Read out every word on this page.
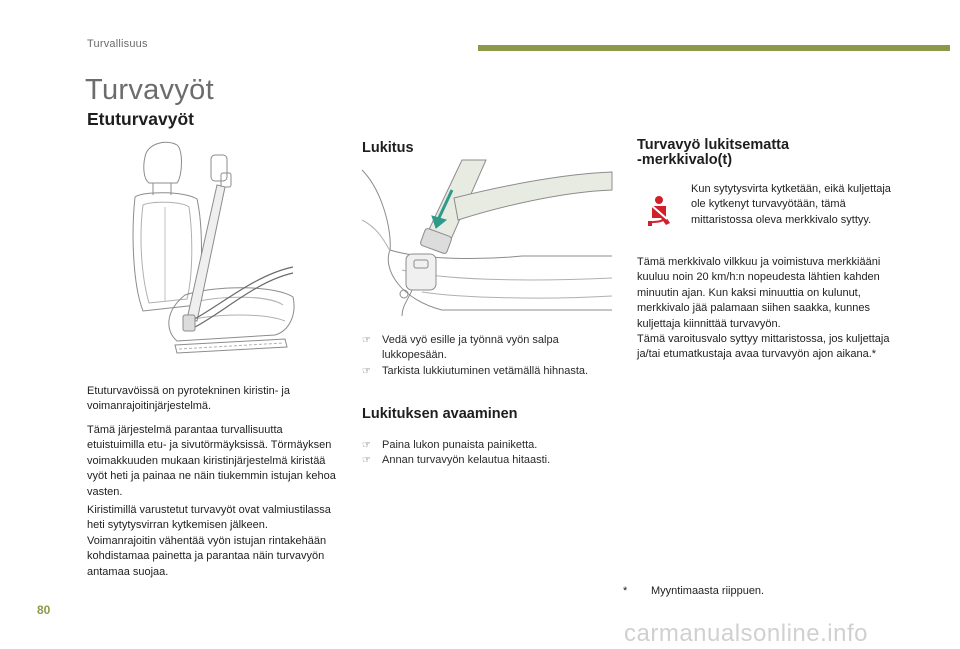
Turvallisuus
Turvavyöt
Etuturvavyöt

Etuturvavöissä on pyrotekninen kiristin- ja voimanrajoitinjärjestelmä.

Tämä järjestelmä parantaa turvallisuutta etuistuimilla etu- ja sivutörmäyksissä. Törmäyksen voimakkuuden mukaan kiristinjärjestelmä kiristää vyöt heti ja painaa ne näin tiukemmin istujan kehoa vasten.

Kiristimillä varustetut turvavyöt ovat valmiustilassa heti sytytysvirran kytkemisen jälkeen.

Voimanrajoitin vähentää vyön istujan rintakehään kohdistamaa painetta ja parantaa näin turvavyön antamaa suojaa.

Lukitus
☞ Vedä vyö esille ja työnnä vyön salpa lukkopesään.
☞ Tarkista lukkiutuminen vetämällä hihnasta.
Lukituksen avaaminen
☞ Paina lukon punaista painiketta.
☞ Annan turvavyön kelautua hitaasti.
Turvavyö lukitsematta
-merkkivalo(t)

Kun sytytysvirta kytketään, eikä kuljettaja ole kytkenyt turvavyötään, tämä mittaristossa oleva merkkivalo syttyy.

Tämä merkkivalo vilkkuu ja voimistuva merkkiääni kuuluu noin 20 km/h:n nopeudesta lähtien kahden minuutin ajan. Kun kaksi minuuttia on kulunut, merkkivalo jää palamaan siihen saakka, kunnes kuljettaja kiinnittää turvavyön.

Tämä varoitusvalo syttyy mittaristossa, jos kuljettaja ja/tai etumatkustaja avaa turvavyön ajon aikana.*

* Myyntimaasta riippuen.
80
carmanualsonline.info
